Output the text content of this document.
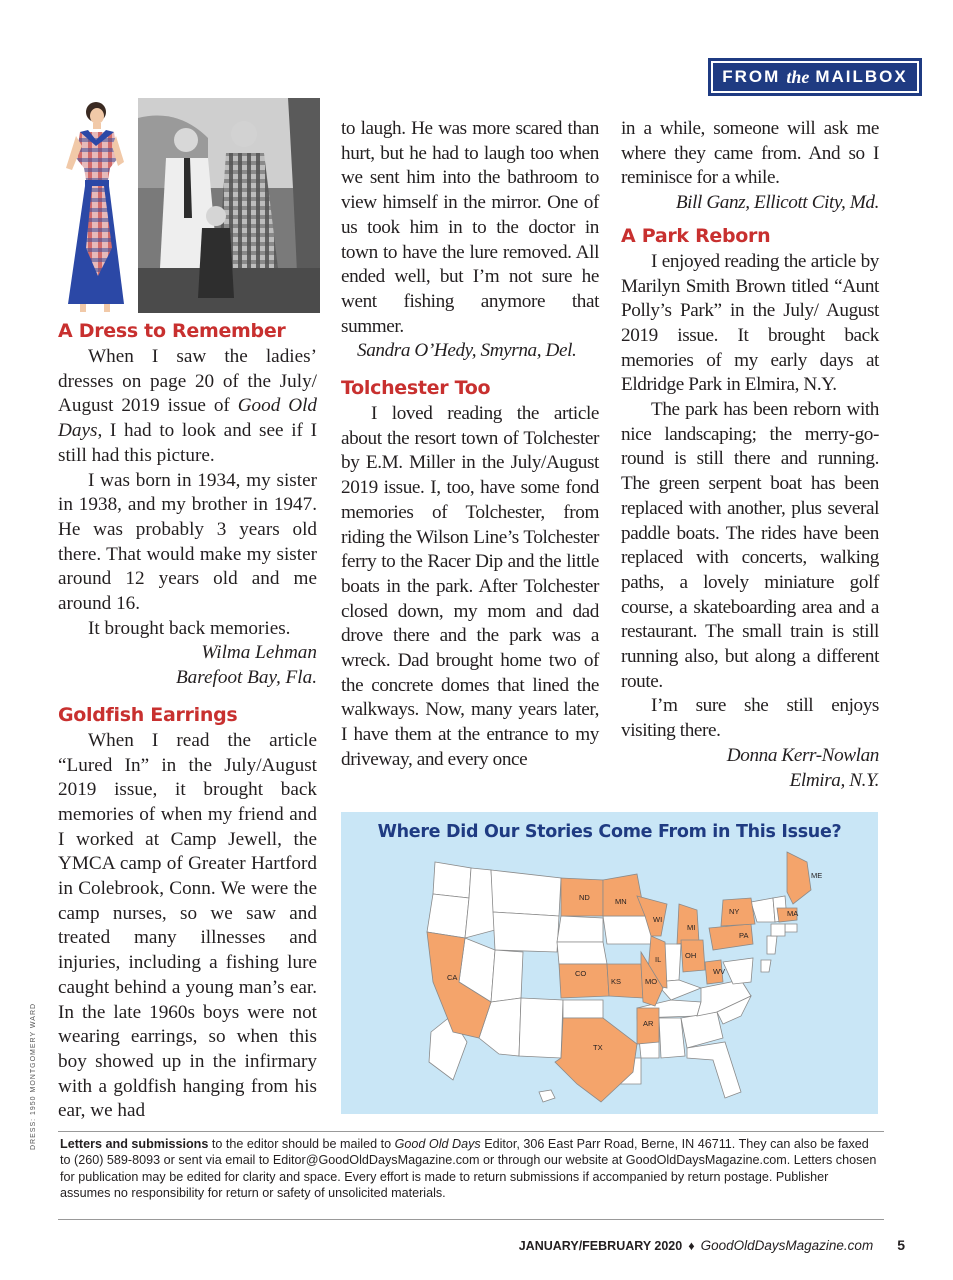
FROM the MAILBOX
A Dress to Remember

When I saw the ladies’ dresses on page 20 of the July/ August 2019 issue of Good Old Days, I had to look and see if I still had this picture.

I was born in 1934, my sister in 1938, and my brother in 1947. He was probably 3 years old there. That would make my sister around 12 years old and me around 16.

It brought back memories.

Wilma Lehman
Barefoot Bay, Fla.
Goldfish Earrings

When I read the article “Lured In” in the July/August 2019 issue, it brought back memories of when my friend and I worked at Camp Jewell, the YMCA camp of Greater Hartford in Colebrook, Conn. We were the camp nurses, so we saw and treated many illnesses and injuries, including a fishing lure caught behind a young man’s ear. In the late 1960s boys were not wearing earrings, so when this boy showed up in the infirmary with a goldfish hanging from his ear, we had

to laugh. He was more scared than hurt, but he had to laugh too when we sent him into the bathroom to view himself in the mirror. One of us took him in to the doctor in town to have the lure removed. All ended well, but I’m not sure he went fishing anymore that summer.

Sandra O’Hedy, Smyrna, Del.
Tolchester Too

I loved reading the article about the resort town of Tolchester by E.M. Miller in the July/August 2019 issue. I, too, have some fond memories of Tolchester, from riding the Wilson Line’s Tolchester ferry to the Racer Dip and the little boats in the park. After Tolchester closed down, my mom and dad drove there and the park was a wreck. Dad brought home two of the concrete domes that lined the walkways. Now, many years later, I have them at the entrance to my driveway, and every once

in a while, someone will ask me where they came from. And so I reminisce for a while.

Bill Ganz, Ellicott City, Md.
A Park Reborn

I enjoyed reading the article by Marilyn Smith Brown titled “Aunt Polly’s Park” in the July/ August 2019 issue. It brought back memories of my early days at Eldridge Park in Elmira, N.Y.

The park has been reborn with nice landscaping; the merry-go-round is still there and running. The green serpent boat has been replaced with another, plus several paddle boats. The rides have been replaced with concerts, walking paths, a lovely miniature golf course, a skateboarding area and a restaurant. The small train is still running also, but along a different route.

I’m sure she still enjoys visiting there.

Donna Kerr-Nowlan
Elmira, N.Y.
Where Did Our Stories Come From in This Issue?
ND	MN
WI
MI
NY
ME
MA
PA
OH
WV
IL
CA	CO
KS	MO
AR
TX
DRESS: 1950 MONTGOMERY WARD Letters and submissions to the editor should be mailed to Good Old Days Editor, 306 East Parr Road, Berne, IN 46711. They can also be faxed to (260) 589-8093 or sent via email to Editor@GoodOldDaysMagazine.com or through our website at GoodOldDaysMagazine.com. Letters chosen for publication may be edited for clarity and space. Every effort is made to return submissions if accompanied by return postage. Publisher assumes no responsibility for return or safety of unsolicited materials.
JANUARY/FEBRUARY 2020 ♦ GoodOldDaysMagazine.com 5
